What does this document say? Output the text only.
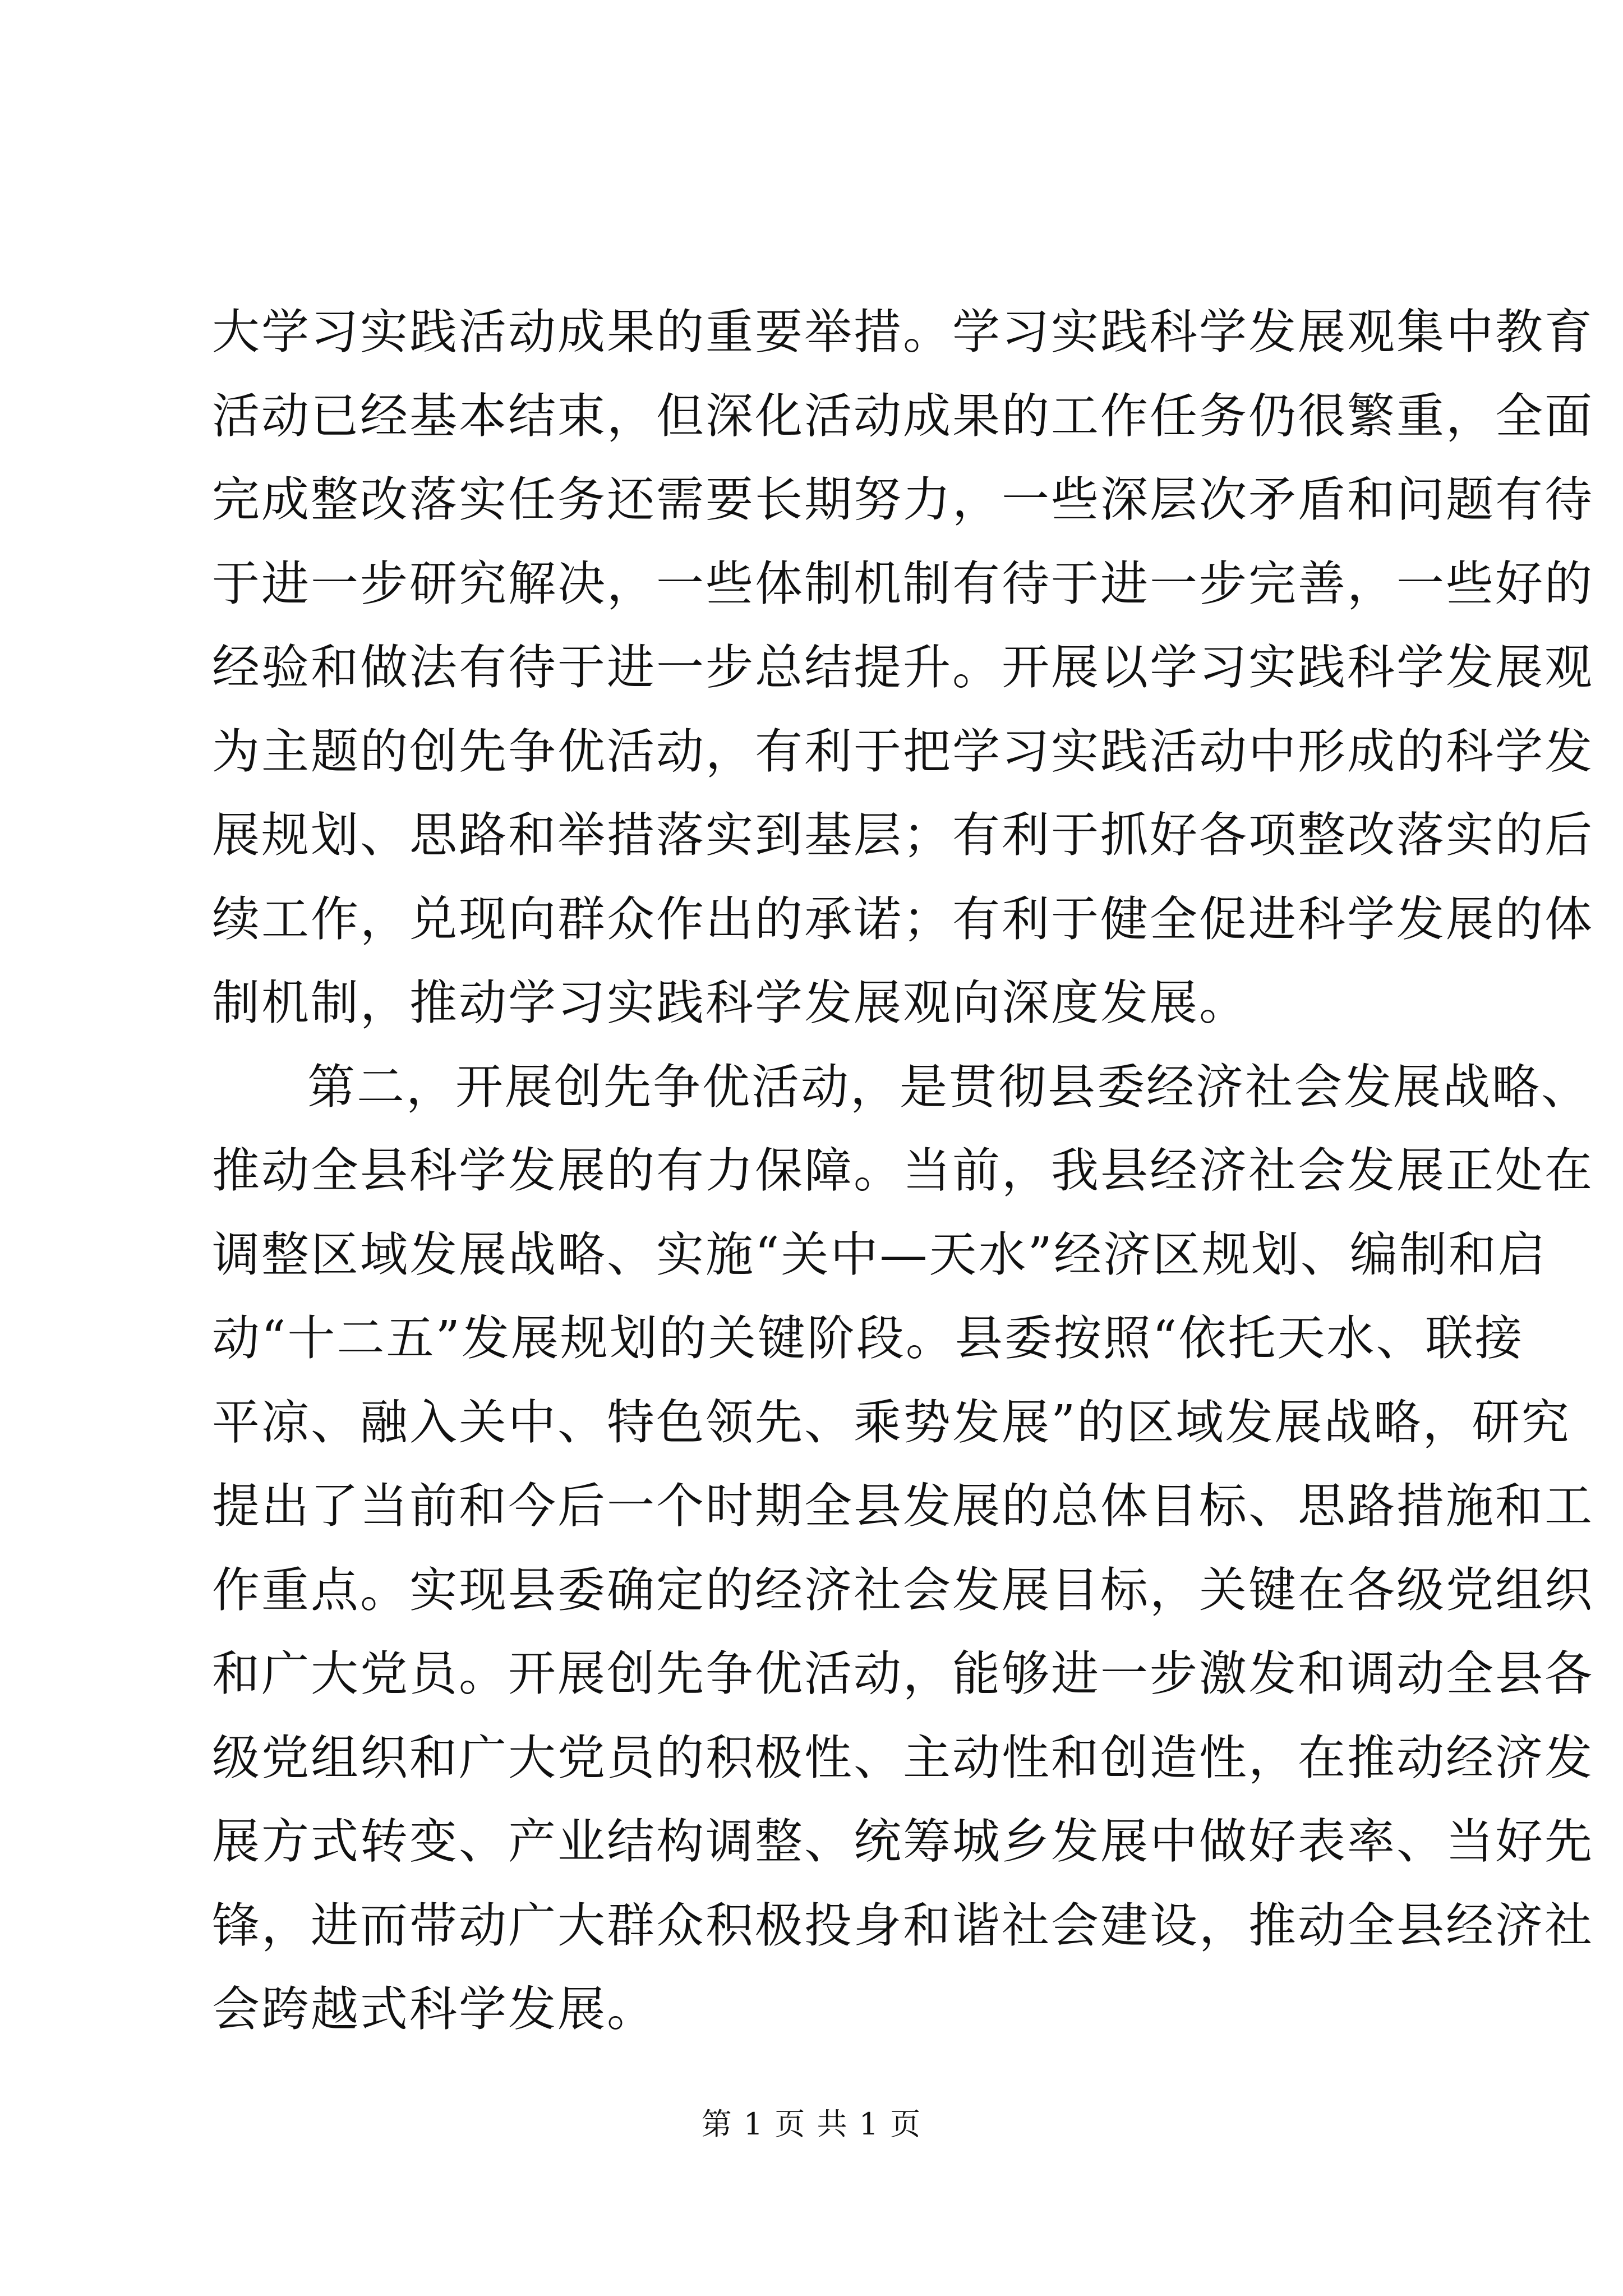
大学习实践活动成果的重要举措。学习实践科学发展观集中教育
活动已经基本结束，但深化活动成果的工作任务仍很繁重，全面
完成整改落实任务还需要长期努力，一些深层次矛盾和问题有待
于进一步研究解决，一些体制机制有待于进一步完善，一些好的
经验和做法有待于进一步总结提升。开展以学习实践科学发展观
为主题的创先争优活动，有利于把学习实践活动中形成的科学发
展规划、思路和举措落实到基层；有利于抓好各项整改落实的后
续工作，兑现向群众作出的承诺；有利于健全促进科学发展的体
制机制，推动学习实践科学发展观向深度发展。
第二，开展创先争优活动，是贯彻县委经济社会发展战略、
推动全县科学发展的有力保障。当前，我县经济社会发展正处在
调整区域发展战略、实施“关中—天水”经济区规划、编制和启
动“十二五”发展规划的关键阶段。县委按照“依托天水、联接
平凉、融入关中、特色领先、乘势发展”的区域发展战略，研究
提出了当前和今后一个时期全县发展的总体目标、思路措施和工
作重点。实现县委确定的经济社会发展目标，关键在各级党组织
和广大党员。开展创先争优活动，能够进一步激发和调动全县各
级党组织和广大党员的积极性、主动性和创造性，在推动经济发
展方式转变、产业结构调整、统筹城乡发展中做好表率、当好先
锋，进而带动广大群众积极投身和谐社会建设，推动全县经济社
会跨越式科学发展。
第 1 页 共 1 页
